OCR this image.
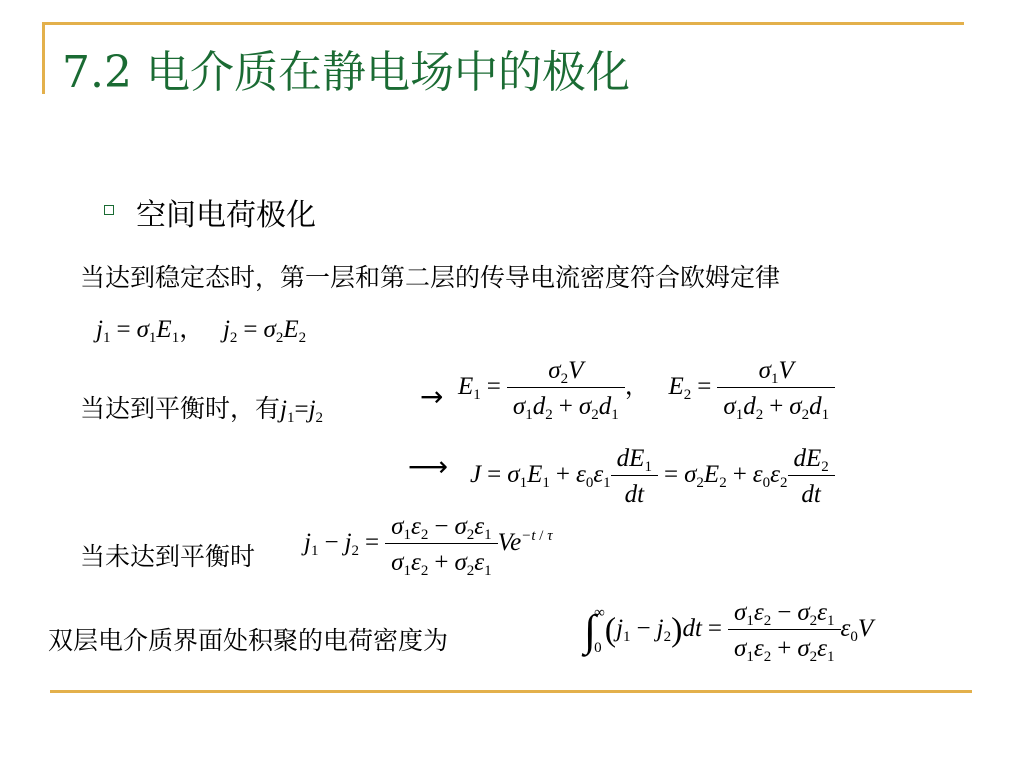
7.2 电介质在静电场中的极化
空间电荷极化
当达到稳定态时，第一层和第二层的传导电流密度符合欧姆定律
$j_1 = \sigma_1E_1$，   $j_2 = \sigma_2E_2$
当达到平衡时，有$j_1=j_2$
→ $E_1 = \frac{\sigma_2V}{\sigma_1d_2 + \sigma_2d_1}$ ，   $E_2 = \frac{\sigma_1V}{\sigma_1d_2 + \sigma_2d_1}$
⟶ $J = \sigma_1E_1 + \varepsilon_0\varepsilon_1 \frac{dE_1}{dt} = \sigma_2E_2 + \varepsilon_0\varepsilon_2 \frac{dE_2}{dt}$
当未达到平衡时 $j_1 - j_2 = \frac{\sigma_1\varepsilon_2 - \sigma_2\varepsilon_1}{\sigma_1\varepsilon_2 + \sigma_2\varepsilon_1} Ve^{-t / \tau}$
双层电介质界面处积聚的电荷密度为	∫
∞
0 $(j_1 - j_2)dt = \frac{\sigma_1\varepsilon_2 - \sigma_2\varepsilon_1}{\sigma_1\varepsilon_2 + \sigma_2\varepsilon_1} \varepsilon_0V$
